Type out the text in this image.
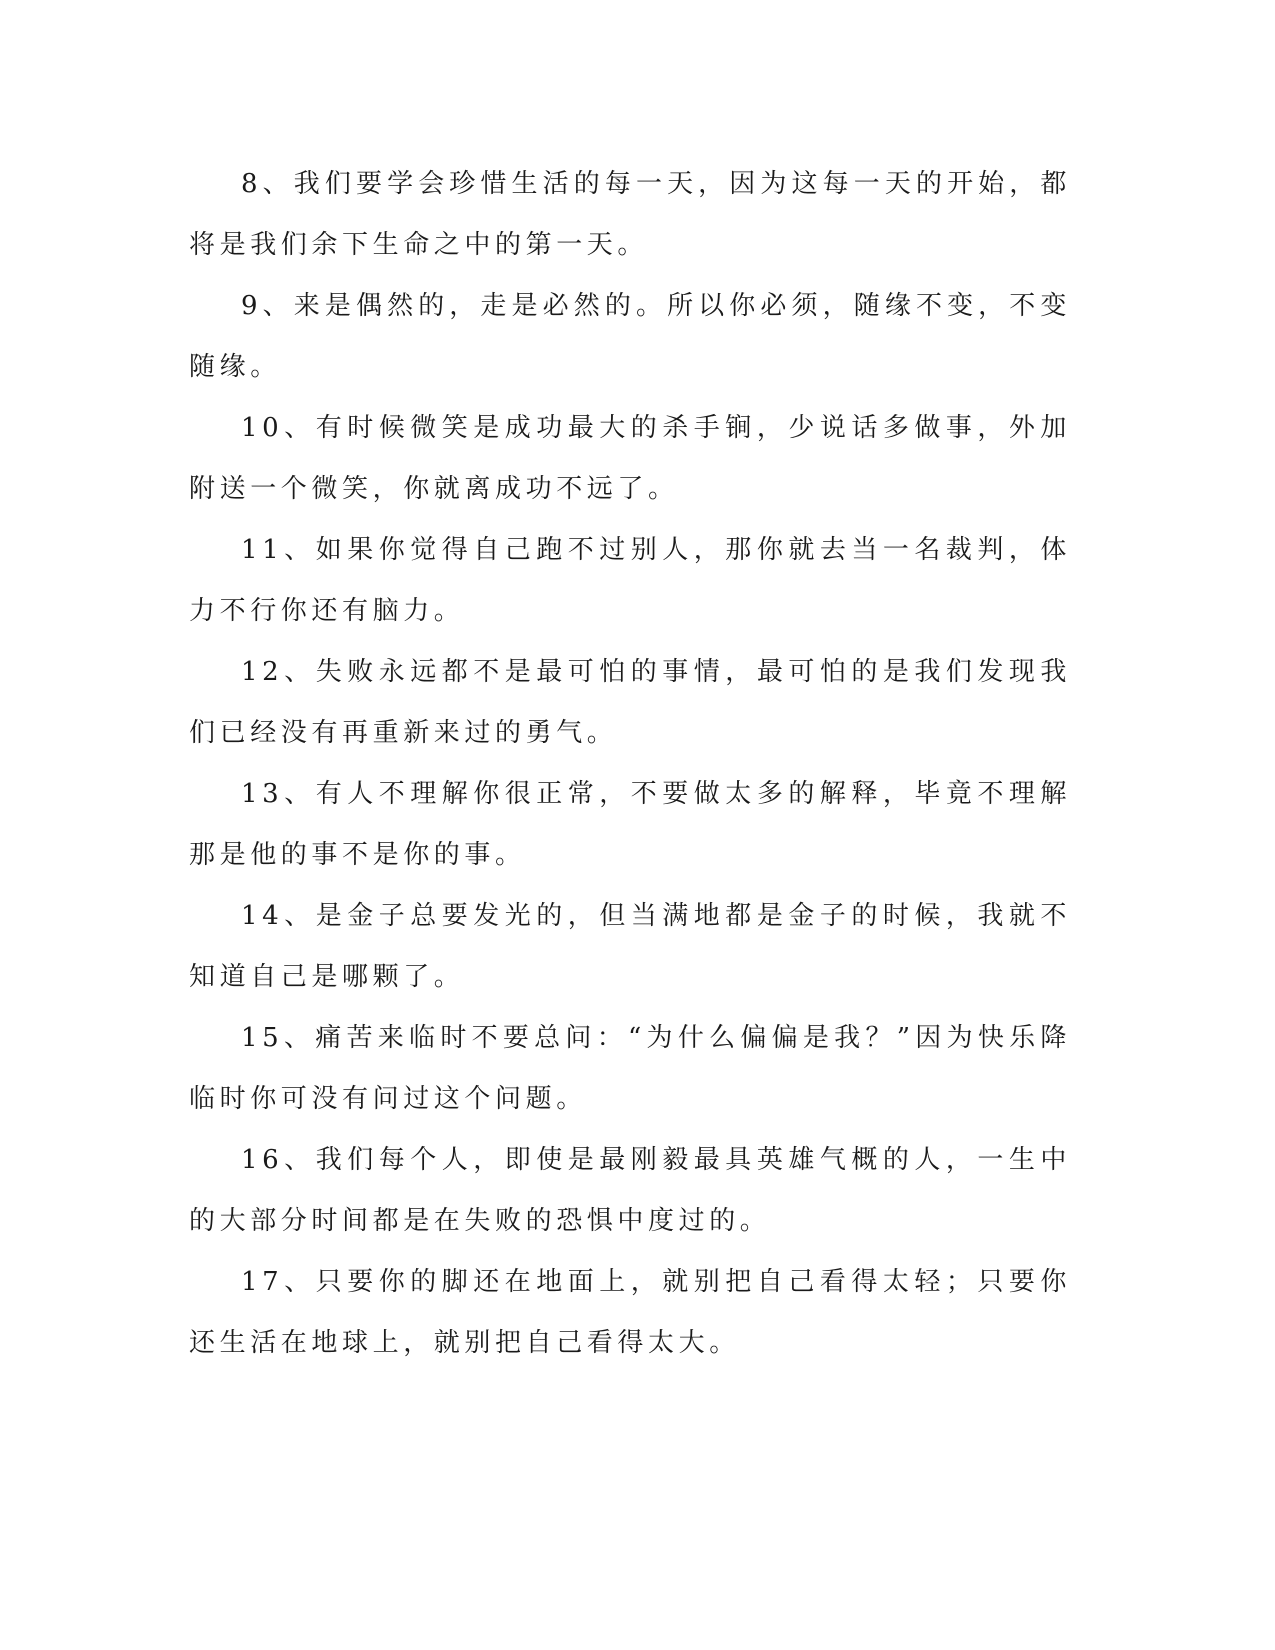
8、我们要学会珍惜生活的每一天，因为这每一天的开始，都将是我们余下生命之中的第一天。

9、来是偶然的，走是必然的。所以你必须，随缘不变，不变随缘。

10、有时候微笑是成功最大的杀手锏，少说话多做事，外加附送一个微笑，你就离成功不远了。

11、如果你觉得自己跑不过别人，那你就去当一名裁判，体力不行你还有脑力。

12、失败永远都不是最可怕的事情，最可怕的是我们发现我们已经没有再重新来过的勇气。

13、有人不理解你很正常，不要做太多的解释，毕竟不理解那是他的事不是你的事。

14、是金子总要发光的，但当满地都是金子的时候，我就不知道自己是哪颗了。

15、痛苦来临时不要总问：“为什么偏偏是我？”因为快乐降临时你可没有问过这个问题。

16、我们每个人，即使是最刚毅最具英雄气概的人，一生中的大部分时间都是在失败的恐惧中度过的。

17、只要你的脚还在地面上，就别把自己看得太轻；只要你还生活在地球上，就别把自己看得太大。
